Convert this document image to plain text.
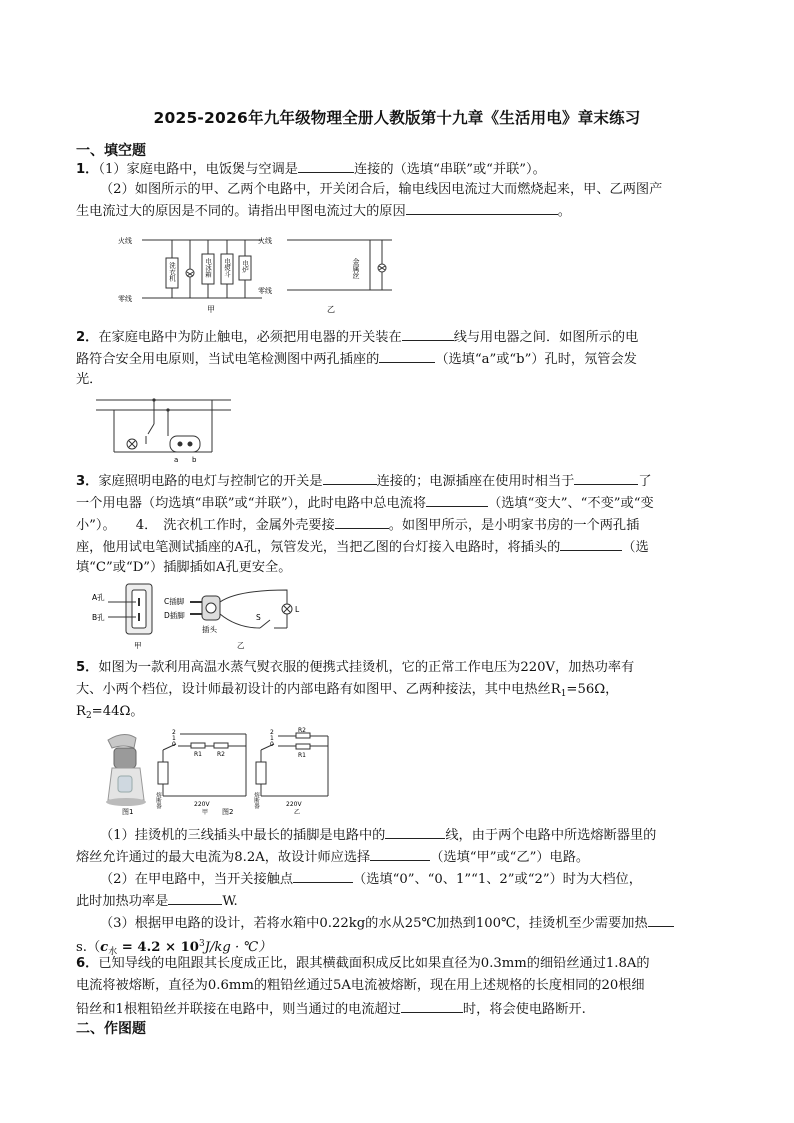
2025-2026年九年级物理全册人教版第十九章《生活用电》章末练习
一、填空题
1．（1）家庭电路中，电饭煲与空调是	连接的（选填“串联”或“并联”）。
（2）如图所示的甲、乙两个电路中，开关闭合后，输电线因电流过大而燃烧起来，甲、乙两图产
生电流过大的原因是不同的。请指出甲图电流过大的原因	。
火线
零线
火线
零线
甲	乙
金属丝
洗衣机	电冰箱 电熨斗 电炉
2．在家庭电路中为防止触电，必须把用电器的开关装在	线与用电器之间．如图所示的电
路符合安全用电原则，当试电笔检测图中两孔插座的	（选填“a”或“b”）孔时，氖管会发
光．
a b
3．家庭照明电路的电灯与控制它的开关是	连接的；电源插座在使用时相当于	了
一个用电器（均选填“串联”或“并联”），此时电路中总电流将	（选填“变大”、“不变”或“变
小”）。 4． 洗衣机工作时，金属外壳要接	。如图甲所示，是小明家书房的一个两孔插
座，他用试电笔测试插座的A孔，氖管发光，当把乙图的台灯接入电路时，将插头的	（选
填“C”或“D”）插脚插如A孔更安全。
A孔
B孔
C插脚
D插脚
插头
S
L
甲	乙
5．如图为一款利用高温水蒸气熨衣服的便携式挂烫机，它的正常工作电压为220V，加热功率有
大、小两个档位，设计师最初设计的内部电路有如图甲、乙两种接法，其中电热丝$R_1=56\Omega$，
$R_2=44\Omega$。
熔断器	熔断器
R1	R2
R2
R1
2
1
0
2
1
0
220V	220V
甲	乙
图1	图2
（1）挂烫机的三线插头中最长的插脚是电路中的	线，由于两个电路中所选熔断器里的
熔丝允许通过的最大电流为8.2A，故设计师应选择	（选填“甲”或“乙”）电路。
（2）在甲电路中，当开关接触点	（选填“0”、“0、1”“1、2”或“2”）时为大档位，
此时加热功率是	W.
（3）根据甲电路的设计，若将水箱中0.22kg的水从25℃加热到100℃，挂烫机至少需要加热
$s.(c_水 = 4.2 \times 10^3J/kg$ · ℃）
6．已知导线的电阻跟其长度成正比，跟其横截面积成反比如果直径为0.3mm的细铅丝通过1.8A的
电流将被熔断，直径为0.6mm的粗铅丝通过5A电流被熔断，现在用上述规格的长度相同的20根细
铅丝和1根粗铅丝并联接在电路中，则当通过的电流超过	时，将会使电路断开.
二、作图题
